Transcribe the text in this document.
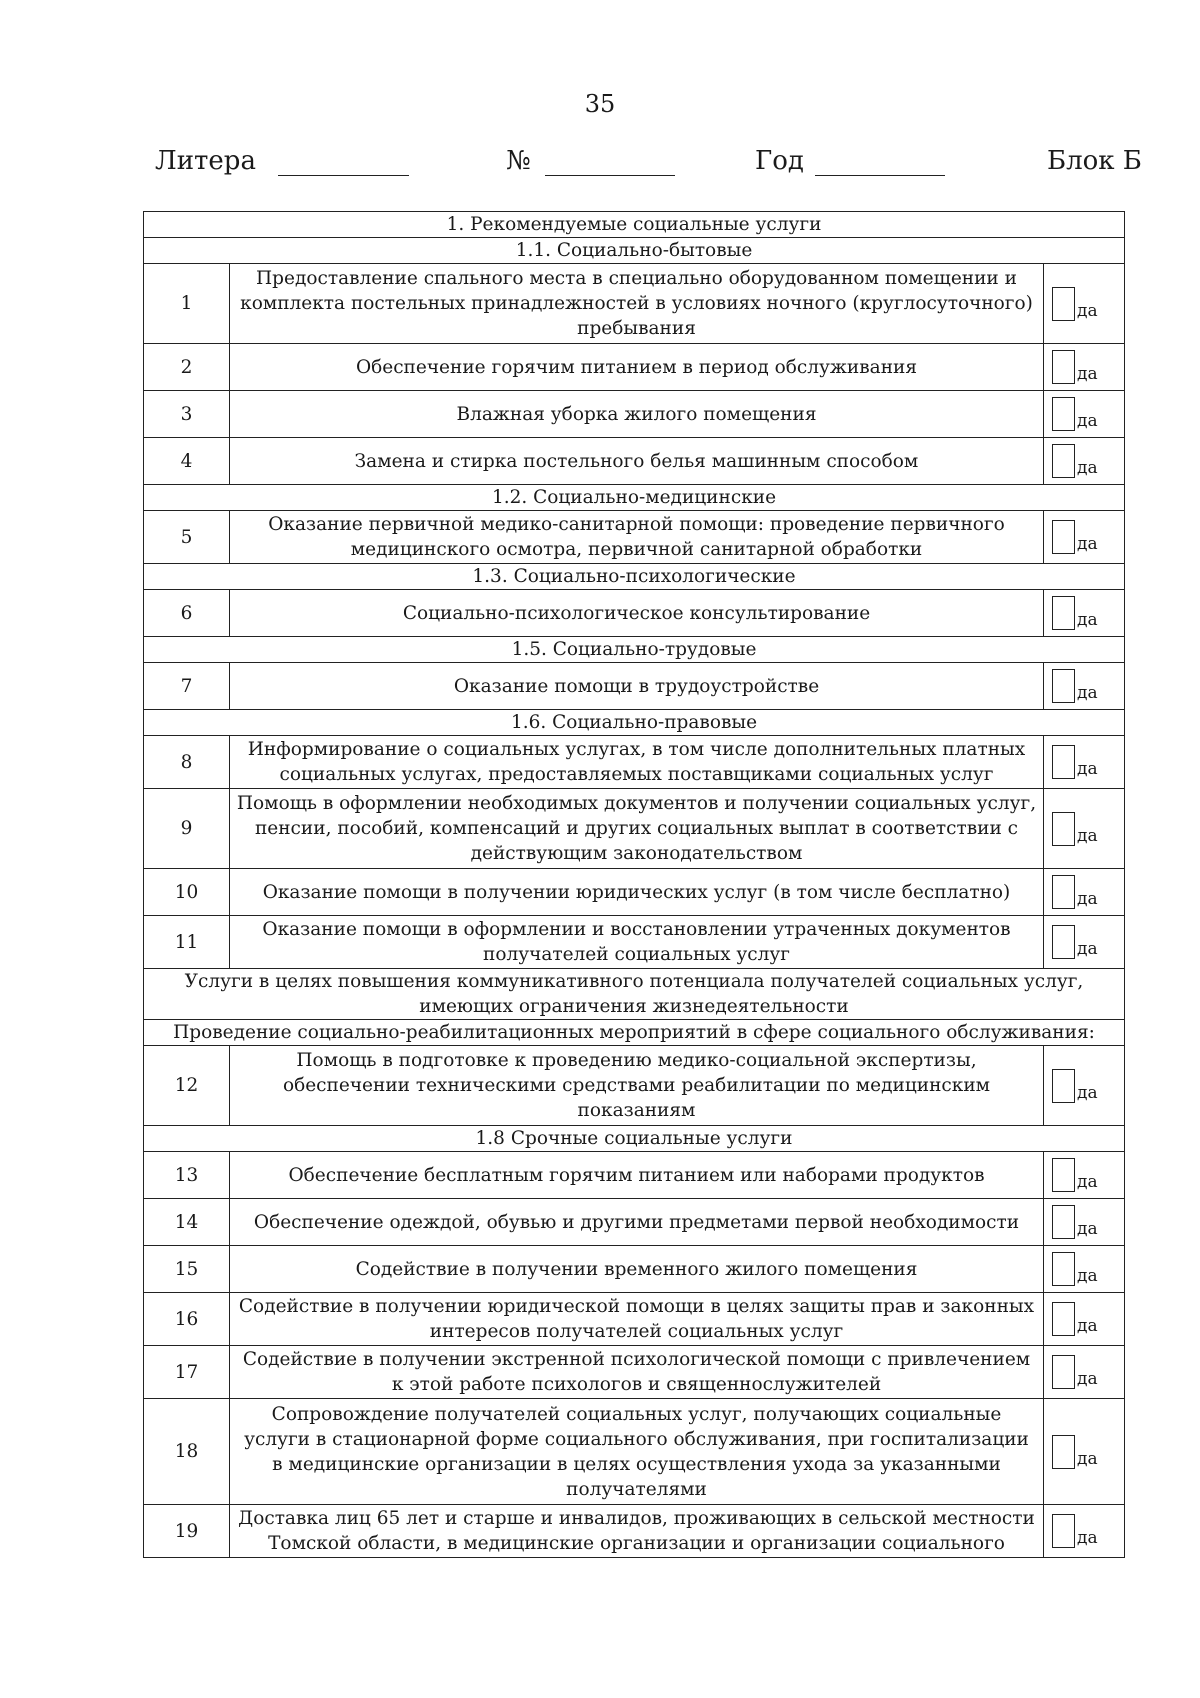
35
Литера	№	Год	Блок Б
1. Рекомендуемые социальные услуги		
1.1. Социально-бытовые		
1	Предоставление спального места в специально оборудованном помещении и комплекта постельных принадлежностей в условиях ночного (круглосуточного) пребывания	да
2	Обеспечение горячим питанием в период обслуживания	да
3	Влажная уборка жилого помещения	да
4	Замена и стирка постельного белья машинным способом	да
1.2. Социально-медицинские		
5	Оказание первичной медико-санитарной помощи: проведение первичного медицинского осмотра, первичной санитарной обработки	да
1.3. Социально-психологические		
6	Социально-психологическое консультирование	да
1.5. Социально-трудовые		
7	Оказание помощи в трудоустройстве	да
1.6. Социально-правовые		
8	Информирование о социальных услугах, в том числе дополнительных платных социальных услугах, предоставляемых поставщиками социальных услуг	да
9	Помощь в оформлении необходимых документов и получении социальных услуг, пенсии, пособий, компенсаций и других социальных выплат в соответствии с действующим законодательством	да
10	Оказание помощи в получении юридических услуг (в том числе бесплатно)	да
11	Оказание помощи в оформлении и восстановлении утраченных документов получателей социальных услуг	да
Услуги в целях повышения коммуникативного потенциала получателей социальных услуг, имеющих ограничения жизнедеятельности		
Проведение социально-реабилитационных мероприятий в сфере социального обслуживания:		
12	Помощь в подготовке к проведению медико-социальной экспертизы, обеспечении техническими средствами реабилитации по медицинским показаниям	да
1.8 Срочные социальные услуги		
13	Обеспечение бесплатным горячим питанием или наборами продуктов	да
14	Обеспечение одеждой, обувью и другими предметами первой необходимости	да
15	Содействие в получении временного жилого помещения	да
16	Содействие в получении юридической помощи в целях защиты прав и законных интересов получателей социальных услуг	да
17	Содействие в получении экстренной психологической помощи с привлечением к этой работе психологов и священнослужителей	да
18	Сопровождение получателей социальных услуг, получающих социальные услуги в стационарной форме социального обслуживания, при госпитализации в медицинские организации в целях осуществления ухода за указанными получателями	да
19	Доставка лиц 65 лет и старше и инвалидов, проживающих в сельской местности Томской области, в медицинские организации и организации социального	да
